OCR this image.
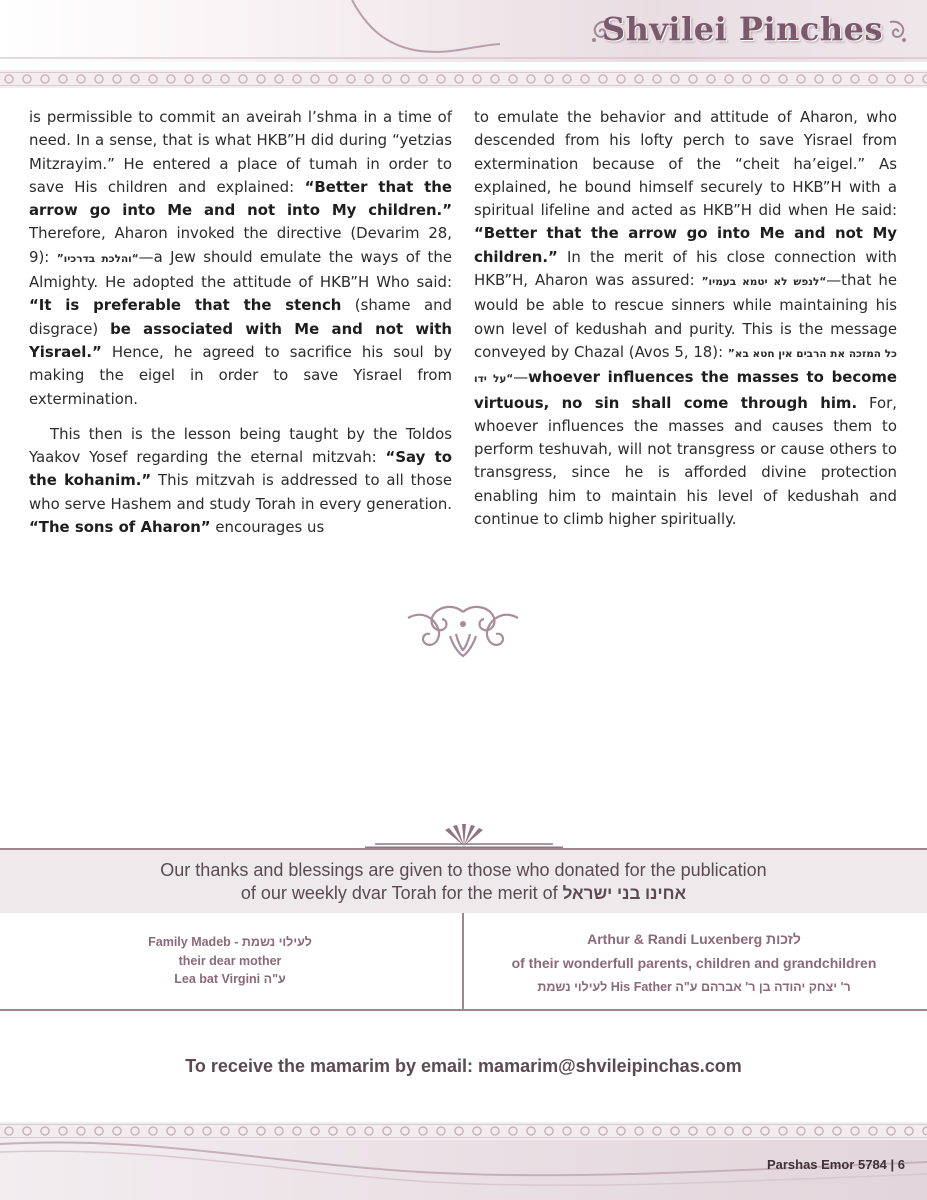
Shvilei Pinches

is permissible to commit an aveirah l’shma in a time of need. In a sense, that is what HKB”H did during “yetzias Mitzrayim.” He entered a place of tumah in order to save His children and explained: “Better that the arrow go into Me and not into My children.” Therefore, Aharon invoked the directive (Devarim 28, 9): ”והלכת בדרכיו“—a Jew should emulate the ways of the Almighty. He adopted the attitude of HKB”H Who said: “It is preferable that the stench (shame and disgrace) be associated with Me and not with Yisrael.” Hence, he agreed to sacrifice his soul by making the eigel in order to save Yisrael from extermination.

This then is the lesson being taught by the Toldos Yaakov Yosef regarding the eternal mitzvah: “Say to the kohanim.” This mitzvah is addressed to all those who serve Hashem and study Torah in every generation. “The sons of Aharon” encourages us

to emulate the behavior and attitude of Aharon, who descended from his lofty perch to save Yisrael from extermination because of the “cheit ha’eigel.” As explained, he bound himself securely to HKB”H with a spiritual lifeline and acted as HKB”H did when He said: “Better that the arrow go into Me and not My children.” In the merit of his close connection with HKB”H, Aharon was assured: ”לנפש לא יטמא בעמיו“—that he would be able to rescue sinners while maintaining his own level of kedushah and purity. This is the message conveyed by Chazal (Avos 5, 18): ”כל המזכה את הרבים אין חטא בא על ידו“—whoever influences the masses to become virtuous, no sin shall come through him. For, whoever influences the masses and causes them to perform teshuvah, will not transgress or cause others to transgress, since he is afforded divine protection enabling him to maintain his level of kedushah and continue to climb higher spiritually.

Our thanks and blessings are given to those who donated for the publication
of our weekly dvar Torah for the merit of אחינו בני ישראל
Family Madeb - לעילוי נשמת
their dear mother
Lea bat Virgini ע"ה
Arthur & Randi Luxenberg לזכות
of their wonderfull parents, children and grandchildren
לעילוי נשמת His Father ר' יצחק יהודה בן ר' אברהם ע"ה
To receive the mamarim by email: mamarim@shvileipinchas.com
Parshas Emor 5784 | 6
